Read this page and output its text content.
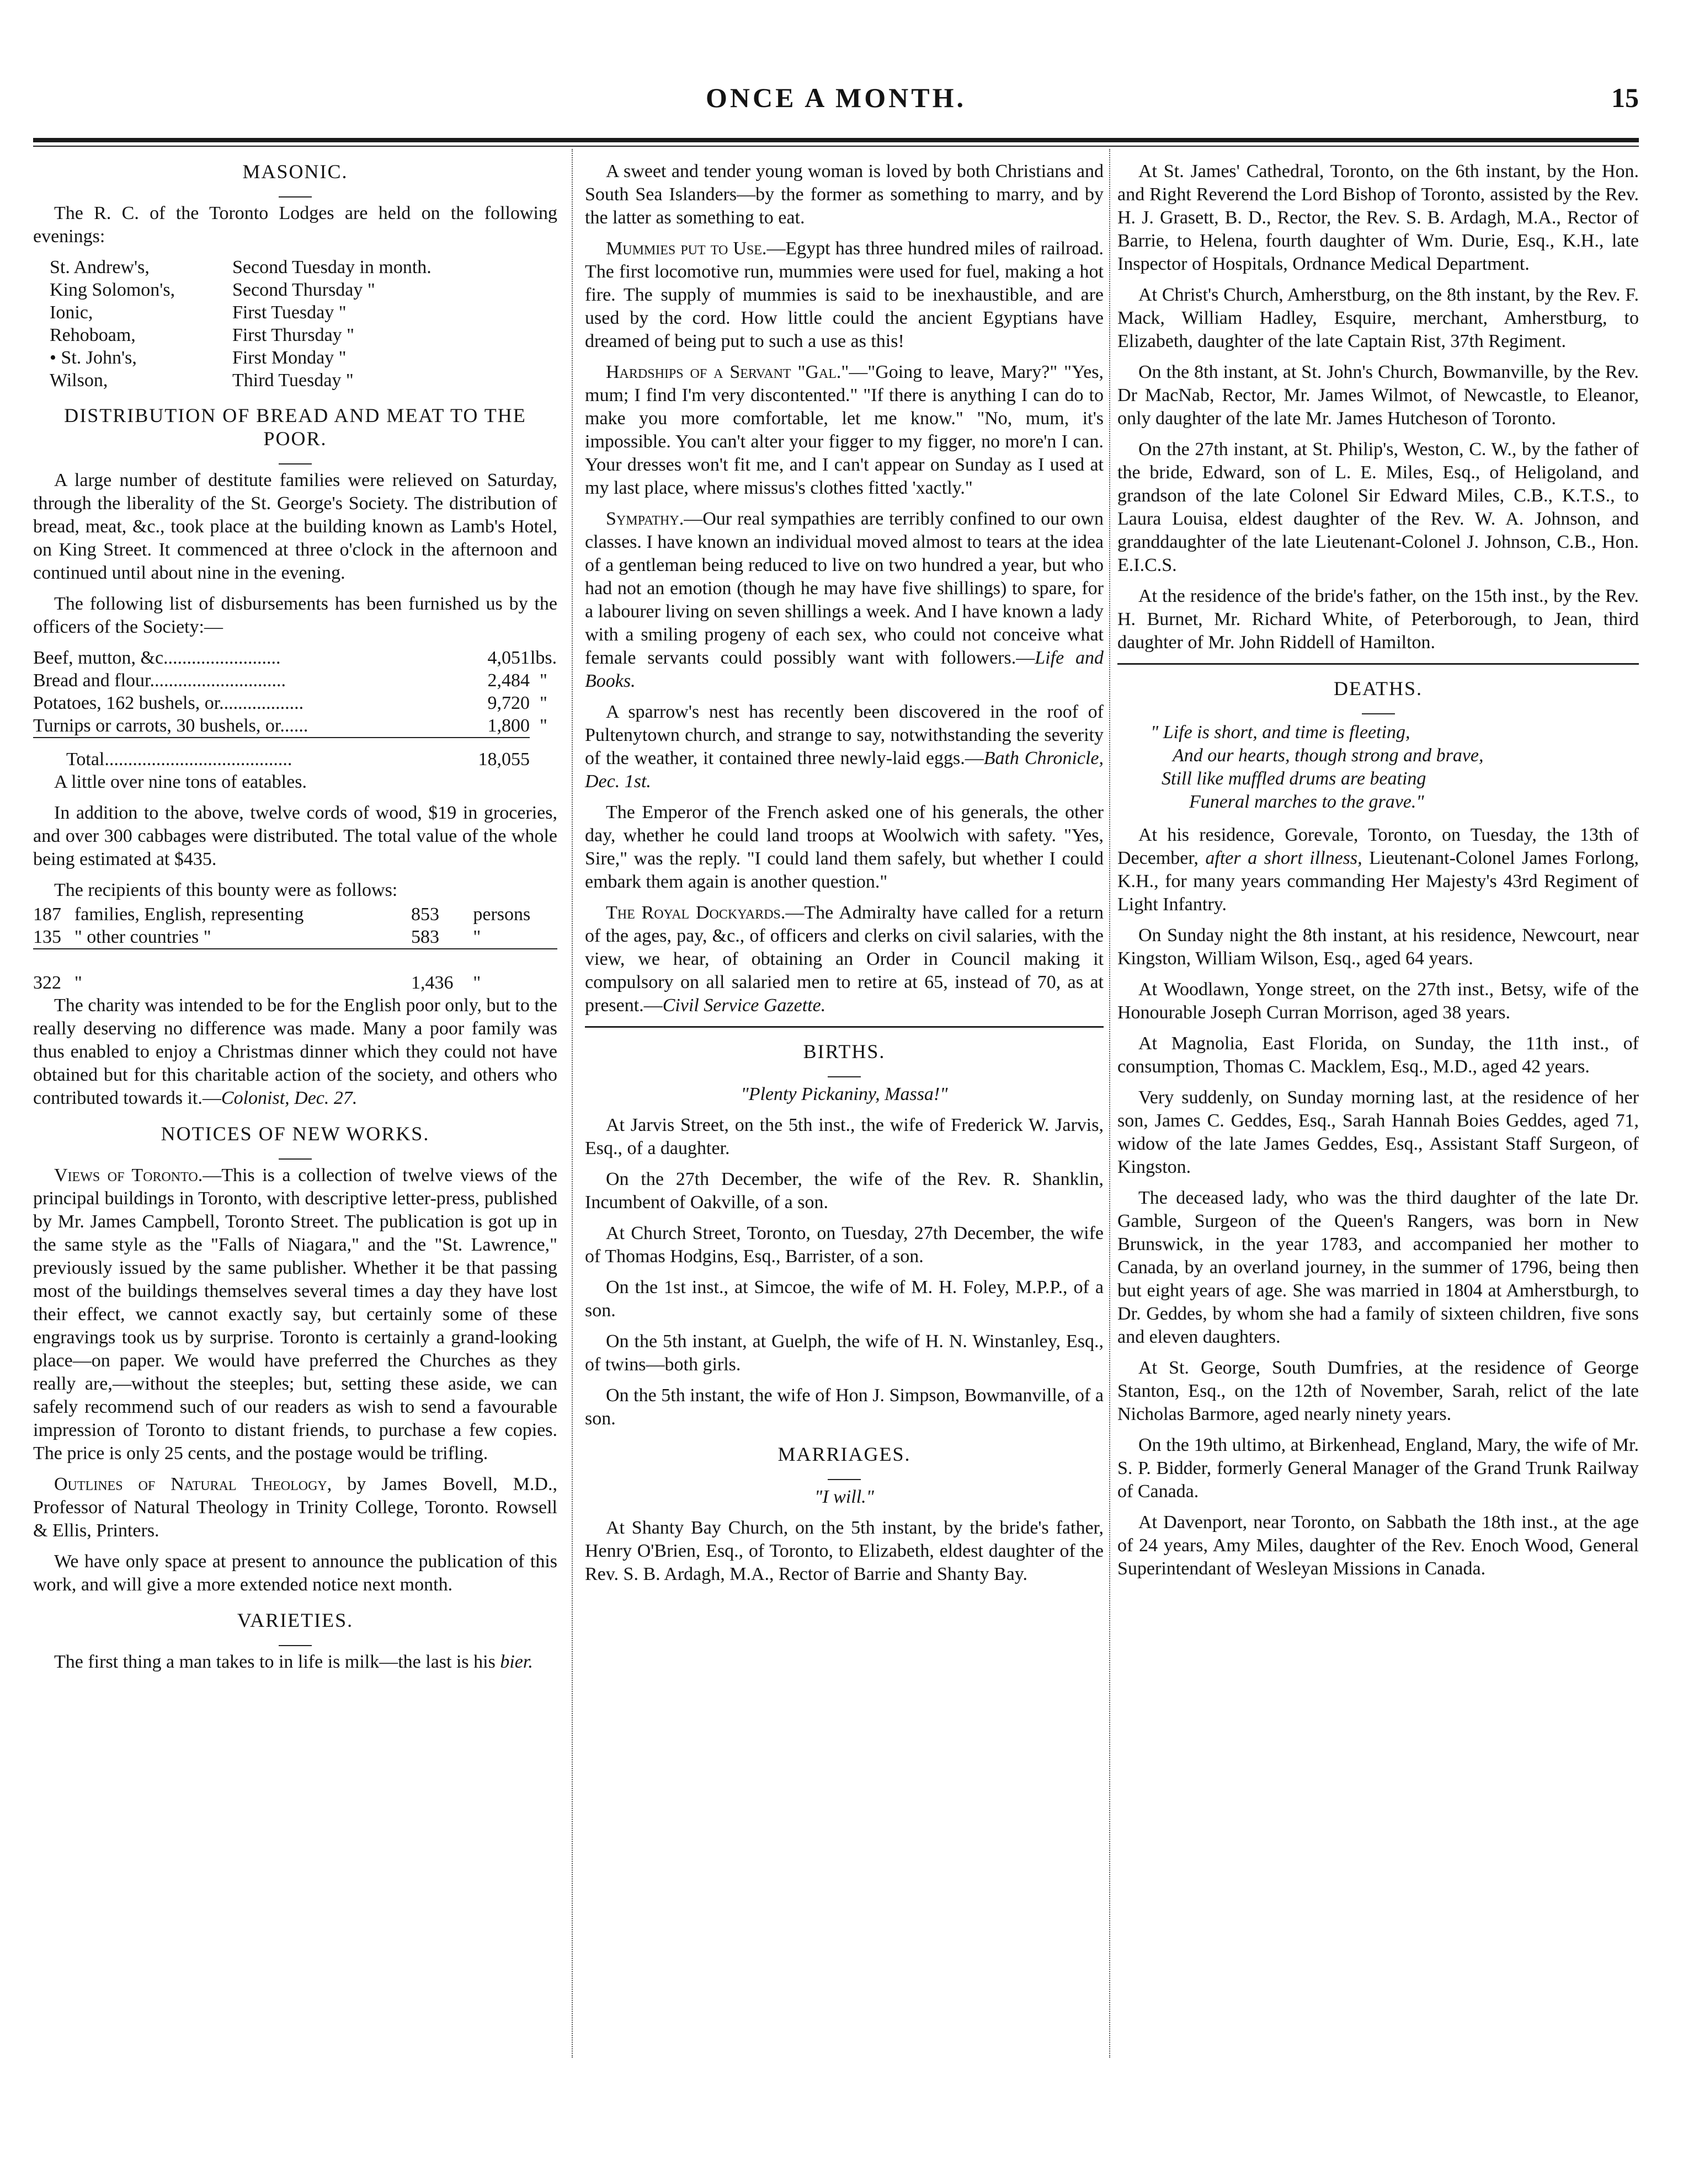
ONCE A MONTH.	15
MASONIC.

The R. C. of the Toronto Lodges are held on the following evenings:

St. Andrew's,	Second Tuesday in month.
King Solomon's,	Second Thursday "
Ionic,	First Tuesday "
Rehoboam,	First Thursday "
• St. John's,	First Monday "
Wilson,	Third Tuesday "
DISTRIBUTION OF BREAD AND MEAT TO THE POOR.

A large number of destitute families were relieved on Saturday, through the liberality of the St. George's Society. The distribution of bread, meat, &c., took place at the building known as Lamb's Hotel, on King Street. It commenced at three o'clock in the afternoon and continued until about nine in the evening.

The following list of disbursements has been furnished us by the officers of the Society:—

Beef, mutton, &c.........................	4,051	lbs.
Bread and flour.............................	2,484	"
Potatoes, 162 bushels, or..................	9,720	"
Turnips or carrots, 30 bushels, or......	1,800	"
Total........................................	18,055	

A little over nine tons of eatables.

In addition to the above, twelve cords of wood, $19 in groceries, and over 300 cabbages were distributed. The total value of the whole being estimated at $435.

The recipients of this bounty were as follows:

187	families, English, representing	853	persons
135	" other countries "	583	"
322	"	1,436	"

The charity was intended to be for the English poor only, but to the really deserving no difference was made. Many a poor family was thus enabled to enjoy a Christmas dinner which they could not have obtained but for this charitable action of the society, and others who contributed towards it.—Colonist, Dec. 27.

NOTICES OF NEW WORKS.

Views of Toronto.—This is a collection of twelve views of the principal buildings in Toronto, with descriptive letter-press, published by Mr. James Campbell, Toronto Street. The publication is got up in the same style as the "Falls of Niagara," and the "St. Lawrence," previously issued by the same publisher. Whether it be that passing most of the buildings themselves several times a day they have lost their effect, we cannot exactly say, but certainly some of these engravings took us by surprise. Toronto is certainly a grand-looking place—on paper. We would have preferred the Churches as they really are,—without the steeples; but, setting these aside, we can safely recommend such of our readers as wish to send a favourable impression of Toronto to distant friends, to purchase a few copies. The price is only 25 cents, and the postage would be trifling.

Outlines of Natural Theology, by James Bovell, M.D., Professor of Natural Theology in Trinity College, Toronto. Rowsell & Ellis, Printers.

We have only space at present to announce the publication of this work, and will give a more extended notice next month.

VARIETIES.

The first thing a man takes to in life is milk—the last is his bier.

A sweet and tender young woman is loved by both Christians and South Sea Islanders—by the former as something to marry, and by the latter as something to eat.

Mummies put to Use.—Egypt has three hundred miles of railroad. The first locomotive run, mummies were used for fuel, making a hot fire. The supply of mummies is said to be inexhaustible, and are used by the cord. How little could the ancient Egyptians have dreamed of being put to such a use as this!

Hardships of a Servant "Gal."—"Going to leave, Mary?" "Yes, mum; I find I'm very discontented." "If there is anything I can do to make you more comfortable, let me know." "No, mum, it's impossible. You can't alter your figger to my figger, no more'n I can. Your dresses won't fit me, and I can't appear on Sunday as I used at my last place, where missus's clothes fitted 'xactly."

Sympathy.—Our real sympathies are terribly confined to our own classes. I have known an individual moved almost to tears at the idea of a gentleman being reduced to live on two hundred a year, but who had not an emotion (though he may have five shillings) to spare, for a labourer living on seven shillings a week. And I have known a lady with a smiling progeny of each sex, who could not conceive what female servants could possibly want with followers.—Life and Books.

A sparrow's nest has recently been discovered in the roof of Pultenytown church, and strange to say, notwithstanding the severity of the weather, it contained three newly-laid eggs.—Bath Chronicle, Dec. 1st.

The Emperor of the French asked one of his generals, the other day, whether he could land troops at Woolwich with safety. "Yes, Sire," was the reply. "I could land them safely, but whether I could embark them again is another question."

The Royal Dockyards.—The Admiralty have called for a return of the ages, pay, &c., of officers and clerks on civil salaries, with the view, we hear, of obtaining an Order in Council making it compulsory on all salaried men to retire at 65, instead of 70, as at present.—Civil Service Gazette.

BIRTHS.
"Plenty Pickaniny, Massa!"

At Jarvis Street, on the 5th inst., the wife of Frederick W. Jarvis, Esq., of a daughter.

On the 27th December, the wife of the Rev. R. Shanklin, Incumbent of Oakville, of a son.

At Church Street, Toronto, on Tuesday, 27th December, the wife of Thomas Hodgins, Esq., Barrister, of a son.

On the 1st inst., at Simcoe, the wife of M. H. Foley, M.P.P., of a son.

On the 5th instant, at Guelph, the wife of H. N. Winstanley, Esq., of twins—both girls.

On the 5th instant, the wife of Hon J. Simpson, Bowmanville, of a son.

MARRIAGES.
"I will."

At Shanty Bay Church, on the 5th instant, by the bride's father, Henry O'Brien, Esq., of Toronto, to Elizabeth, eldest daughter of the Rev. S. B. Ardagh, M.A., Rector of Barrie and Shanty Bay.

At St. James' Cathedral, Toronto, on the 6th instant, by the Hon. and Right Reverend the Lord Bishop of Toronto, assisted by the Rev. H. J. Grasett, B. D., Rector, the Rev. S. B. Ardagh, M.A., Rector of Barrie, to Helena, fourth daughter of Wm. Durie, Esq., K.H., late Inspector of Hospitals, Ordnance Medical Department.

At Christ's Church, Amherstburg, on the 8th instant, by the Rev. F. Mack, William Hadley, Esquire, merchant, Amherstburg, to Elizabeth, daughter of the late Captain Rist, 37th Regiment.

On the 8th instant, at St. John's Church, Bowmanville, by the Rev. Dr MacNab, Rector, Mr. James Wilmot, of Newcastle, to Eleanor, only daughter of the late Mr. James Hutcheson of Toronto.

On the 27th instant, at St. Philip's, Weston, C. W., by the father of the bride, Edward, son of L. E. Miles, Esq., of Heligoland, and grandson of the late Colonel Sir Edward Miles, C.B., K.T.S., to Laura Louisa, eldest daughter of the Rev. W. A. Johnson, and granddaughter of the late Lieutenant-Colonel J. Johnson, C.B., Hon. E.I.C.S.

At the residence of the bride's father, on the 15th inst., by the Rev. H. Burnet, Mr. Richard White, of Peterborough, to Jean, third daughter of Mr. John Riddell of Hamilton.

DEATHS.
" Life is short, and time is fleeting,
And our hearts, though strong and brave,
Still like muffled drums are beating
Funeral marches to the grave."

At his residence, Gorevale, Toronto, on Tuesday, the 13th of December, after a short illness, Lieutenant-Colonel James Forlong, K.H., for many years commanding Her Majesty's 43rd Regiment of Light Infantry.

On Sunday night the 8th instant, at his residence, Newcourt, near Kingston, William Wilson, Esq., aged 64 years.

At Woodlawn, Yonge street, on the 27th inst., Betsy, wife of the Honourable Joseph Curran Morrison, aged 38 years.

At Magnolia, East Florida, on Sunday, the 11th inst., of consumption, Thomas C. Macklem, Esq., M.D., aged 42 years.

Very suddenly, on Sunday morning last, at the residence of her son, James C. Geddes, Esq., Sarah Hannah Boies Geddes, aged 71, widow of the late James Geddes, Esq., Assistant Staff Surgeon, of Kingston.

The deceased lady, who was the third daughter of the late Dr. Gamble, Surgeon of the Queen's Rangers, was born in New Brunswick, in the year 1783, and accompanied her mother to Canada, by an overland journey, in the summer of 1796, being then but eight years of age. She was married in 1804 at Amherstburgh, to Dr. Geddes, by whom she had a family of sixteen children, five sons and eleven daughters.

At St. George, South Dumfries, at the residence of George Stanton, Esq., on the 12th of November, Sarah, relict of the late Nicholas Barmore, aged nearly ninety years.

On the 19th ultimo, at Birkenhead, England, Mary, the wife of Mr. S. P. Bidder, formerly General Manager of the Grand Trunk Railway of Canada.

At Davenport, near Toronto, on Sabbath the 18th inst., at the age of 24 years, Amy Miles, daughter of the Rev. Enoch Wood, General Superintendant of Wesleyan Missions in Canada.
